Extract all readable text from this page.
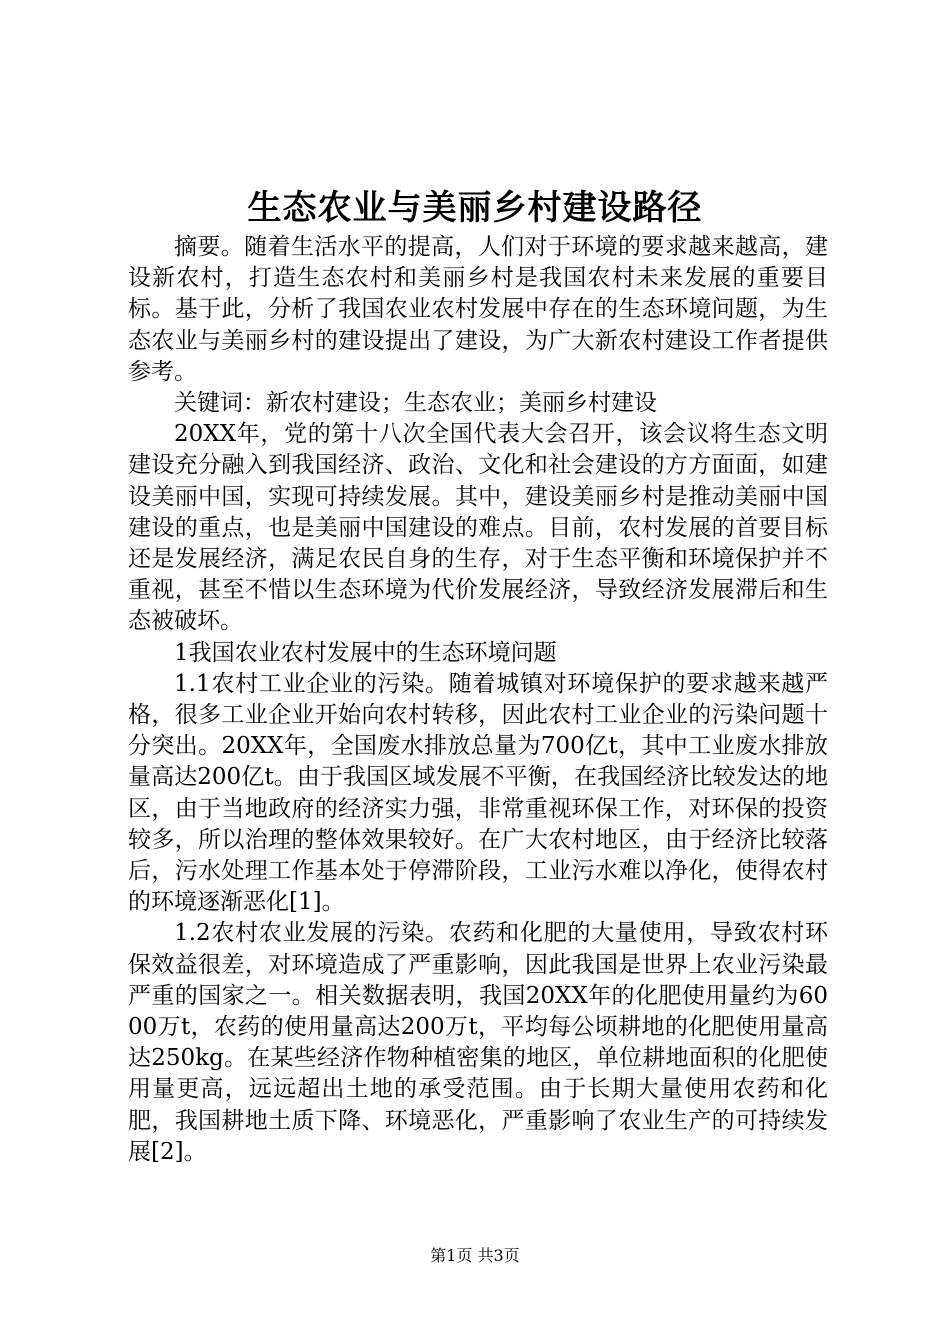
生态农业与美丽乡村建设路径

摘要。随着生活水平的提高，人们对于环境的要求越来越高，建设新农村，打造生态农村和美丽乡村是我国农村未来发展的重要目标。基于此，分析了我国农业农村发展中存在的生态环境问题，为生态农业与美丽乡村的建设提出了建设，为广大新农村建设工作者提供参考。

关键词：新农村建设；生态农业；美丽乡村建设

20XX年，党的第十八次全国代表大会召开，该会议将生态文明建设充分融入到我国经济、政治、文化和社会建设的方方面面，如建设美丽中国，实现可持续发展。其中，建设美丽乡村是推动美丽中国建设的重点，也是美丽中国建设的难点。目前，农村发展的首要目标还是发展经济，满足农民自身的生存，对于生态平衡和环境保护并不重视，甚至不惜以生态环境为代价发展经济，导致经济发展滞后和生态被破坏。

1我国农业农村发展中的生态环境问题

1.1农村工业企业的污染。随着城镇对环境保护的要求越来越严格，很多工业企业开始向农村转移，因此农村工业企业的污染问题十分突出。20XX年，全国废水排放总量为700亿t，其中工业废水排放量高达200亿t。由于我国区域发展不平衡，在我国经济比较发达的地区，由于当地政府的经济实力强，非常重视环保工作，对环保的投资较多，所以治理的整体效果较好。在广大农村地区，由于经济比较落后，污水处理工作基本处于停滞阶段，工业污水难以净化，使得农村的环境逐渐恶化[1]。

1.2农村农业发展的污染。农药和化肥的大量使用，导致农村环保效益很差，对环境造成了严重影响，因此我国是世界上农业污染最严重的国家之一。相关数据表明，我国20XX年的化肥使用量约为6000万t，农药的使用量高达200万t，平均每公顷耕地的化肥使用量高达250kg。在某些经济作物种植密集的地区，单位耕地面积的化肥使用量更高，远远超出土地的承受范围。由于长期大量使用农药和化肥，我国耕地土质下降、环境恶化，严重影响了农业生产的可持续发展[2]。

第1页 共3页
